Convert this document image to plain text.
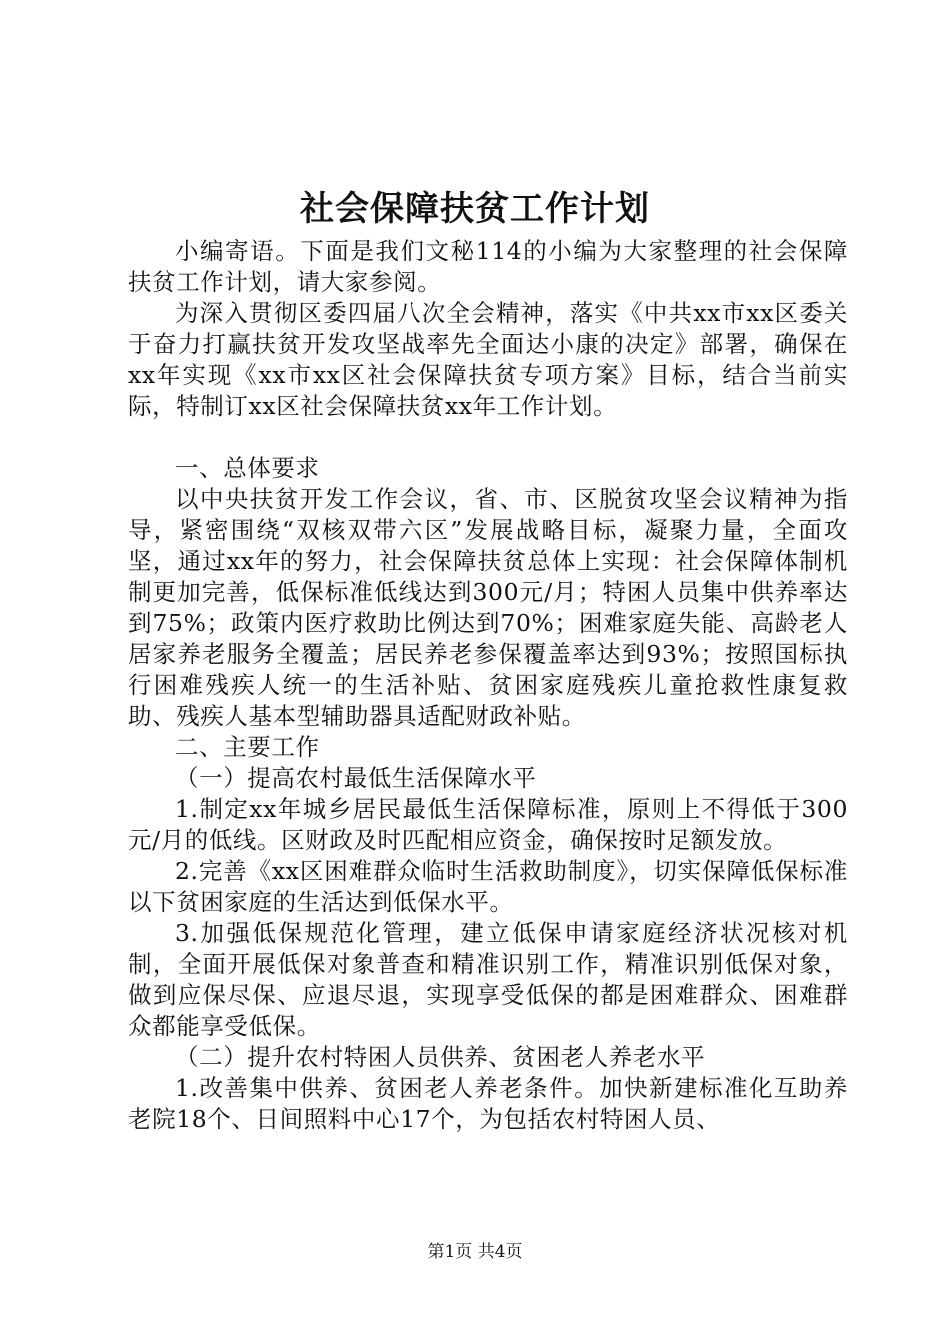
社会保障扶贫工作计划

小编寄语。下面是我们文秘114的小编为大家整理的社会保障扶贫工作计划，请大家参阅。

为深入贯彻区委四届八次全会精神，落实《中共xx市xx区委关于奋力打赢扶贫开发攻坚战率先全面达小康的决定》部署，确保在xx年实现《xx市xx区社会保障扶贫专项方案》目标，结合当前实际，特制订xx区社会保障扶贫xx年工作计划。

一、总体要求

以中央扶贫开发工作会议，省、市、区脱贫攻坚会议精神为指导，紧密围绕“双核双带六区”发展战略目标，凝聚力量，全面攻坚，通过xx年的努力，社会保障扶贫总体上实现：社会保障体制机制更加完善，低保标准低线达到300元/月；特困人员集中供养率达到75%；政策内医疗救助比例达到70%；困难家庭失能、高龄老人居家养老服务全覆盖；居民养老参保覆盖率达到93%；按照国标执行困难残疾人统一的生活补贴、贫困家庭残疾儿童抢救性康复救助、残疾人基本型辅助器具适配财政补贴。

二、主要工作

（一）提高农村最低生活保障水平

1.制定xx年城乡居民最低生活保障标准，原则上不得低于300元/月的低线。区财政及时匹配相应资金，确保按时足额发放。

2.完善《xx区困难群众临时生活救助制度》，切实保障低保标准以下贫困家庭的生活达到低保水平。

3.加强低保规范化管理，建立低保申请家庭经济状况核对机制，全面开展低保对象普查和精准识别工作，精准识别低保对象，做到应保尽保、应退尽退，实现享受低保的都是困难群众、困难群众都能享受低保。

（二）提升农村特困人员供养、贫困老人养老水平

1.改善集中供养、贫困老人养老条件。加快新建标准化互助养老院18个、日间照料中心17个，为包括农村特困人员、

第1页 共4页
